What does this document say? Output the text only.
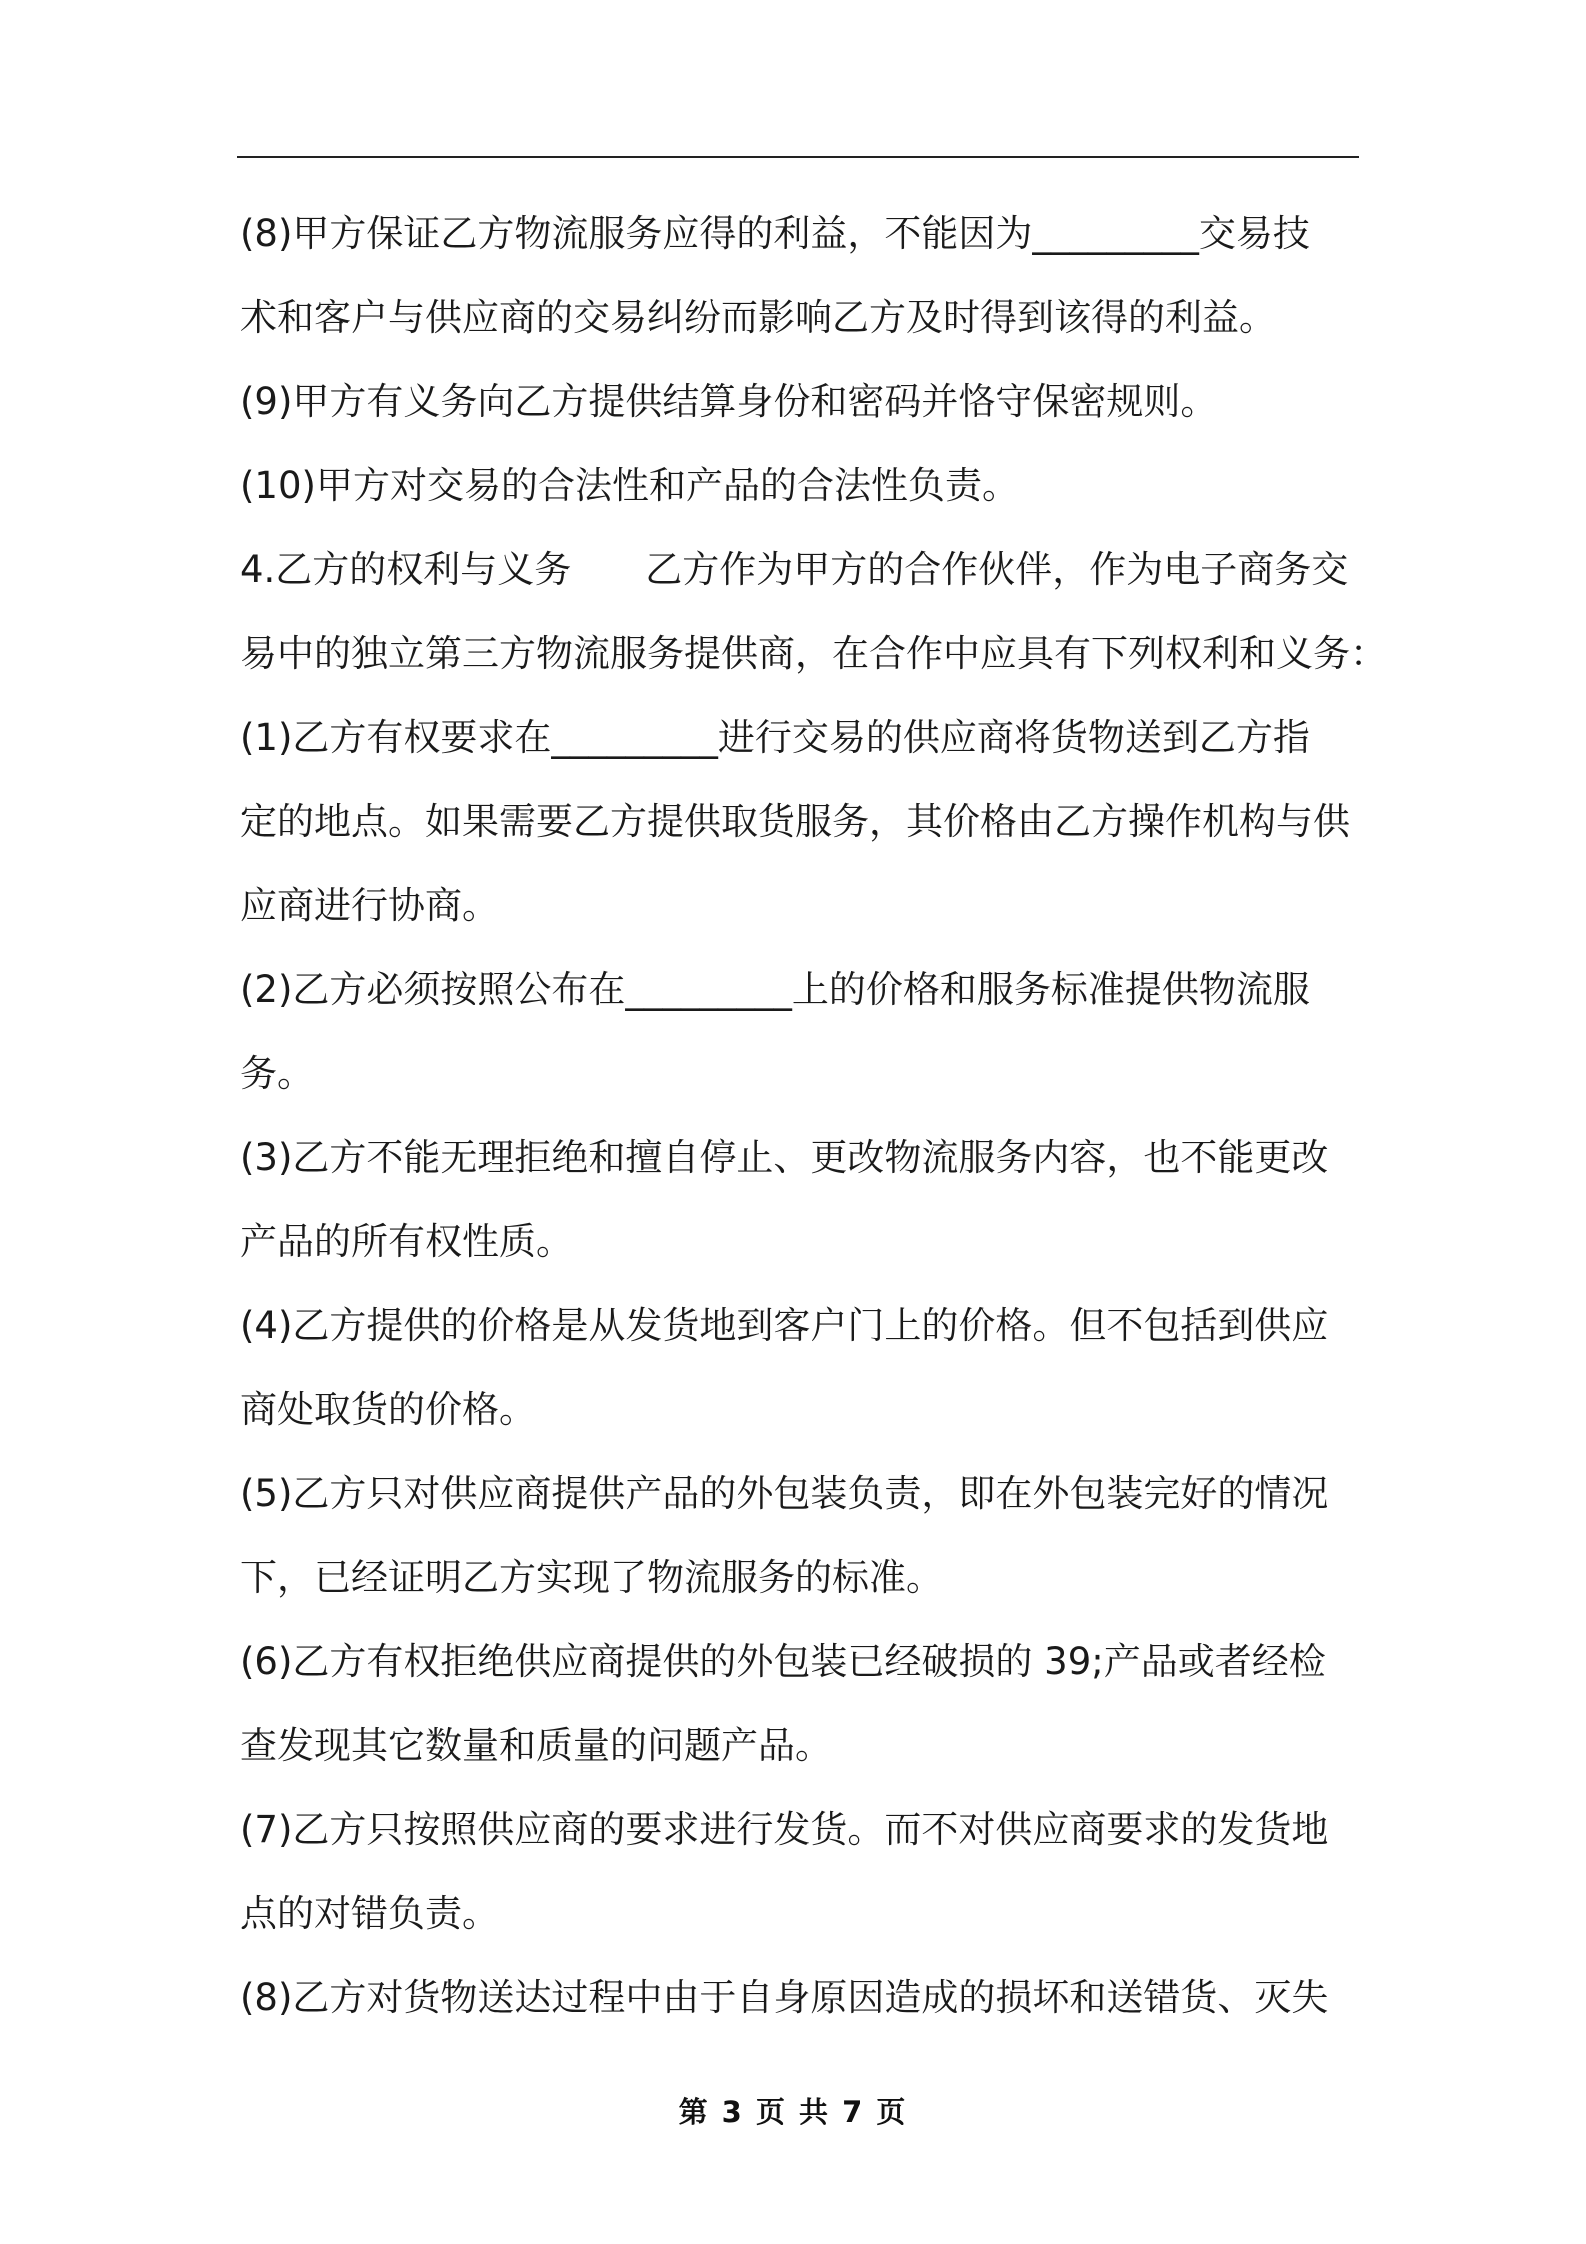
(8)甲方保证乙方物流服务应得的利益，不能因为_________交易技
术和客户与供应商的交易纠纷而影响乙方及时得到该得的利益。
(9)甲方有义务向乙方提供结算身份和密码并恪守保密规则。
(10)甲方对交易的合法性和产品的合法性负责。
4.乙方的权利与义务　　乙方作为甲方的合作伙伴，作为电子商务交
易中的独立第三方物流服务提供商，在合作中应具有下列权利和义务：
(1)乙方有权要求在_________进行交易的供应商将货物送到乙方指
定的地点。如果需要乙方提供取货服务，其价格由乙方操作机构与供
应商进行协商。
(2)乙方必须按照公布在_________上的价格和服务标准提供物流服
务。
(3)乙方不能无理拒绝和擅自停止、更改物流服务内容，也不能更改
产品的所有权性质。
(4)乙方提供的价格是从发货地到客户门上的价格。但不包括到供应
商处取货的价格。
(5)乙方只对供应商提供产品的外包装负责，即在外包装完好的情况
下，已经证明乙方实现了物流服务的标准。
(6)乙方有权拒绝供应商提供的外包装已经破损的 39;产品或者经检
查发现其它数量和质量的问题产品。
(7)乙方只按照供应商的要求进行发货。而不对供应商要求的发货地
点的对错负责。
(8)乙方对货物送达过程中由于自身原因造成的损坏和送错货、灭失
第 3 页 共 7 页
